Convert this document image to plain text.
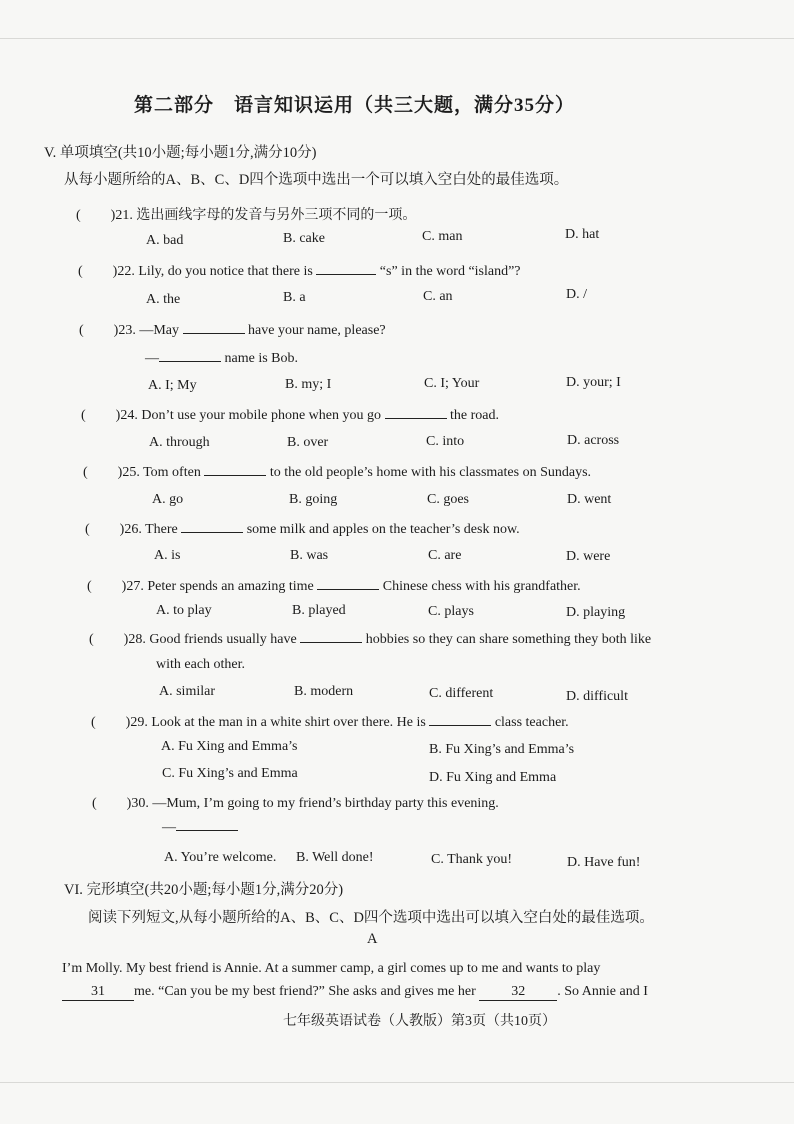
第二部分　语言知识运用（共三大题，满分35分）
V. 单项填空(共10小题;每小题1分,满分10分)
从每小题所给的A、B、C、D四个选项中选出一个可以填入空白处的最佳选项。
( )21. 选出画线字母的发音与另外三项不同的一项。
A. bad	B. cake	C. man	D. hat
( )22. Lily, do you notice that there is	“s” in the word “island”?
A. the	B. a	C. an	D. /
( )23. —May	have your name, please?
—	name is Bob.
A. I; My	B. my; I	C. I; Your	D. your; I
( )24. Don’t use your mobile phone when you go	the road.
A. through	B. over	C. into	D. across
( )25. Tom often	to the old people’s home with his classmates on Sundays.
A. go	B. going	C. goes	D. went
( )26. There	some milk and apples on the teacher’s desk now.
A. is	B. was	C. are	D. were
( )27. Peter spends an amazing time	Chinese chess with his grandfather.
A. to play	B. played	C. plays	D. playing
( )28. Good friends usually have	hobbies so they can share something they both like
with each other.
A. similar	B. modern	C. different	D. difficult
( )29. Look at the man in a white shirt over there. He is	class teacher.
A. Fu Xing and Emma’s	B. Fu Xing’s and Emma’s
C. Fu Xing’s and Emma	D. Fu Xing and Emma
( )30. —Mum, I’m going to my friend’s birthday party this evening.
—
A. You’re welcome. B. Well done!	C. Thank you!	D. Have fun!
VI. 完形填空(共20小题;每小题1分,满分20分)
阅读下列短文,从每小题所给的A、B、C、D四个选项中选出可以填入空白处的最佳选项。
A
I’m Molly. My best friend is Annie. At a summer camp, a girl comes up to me and wants to play
31 me. “Can you be my best friend?” She asks and gives me her	32 . So Annie and I
七年级英语试卷（人教版）第3页（共10页）
